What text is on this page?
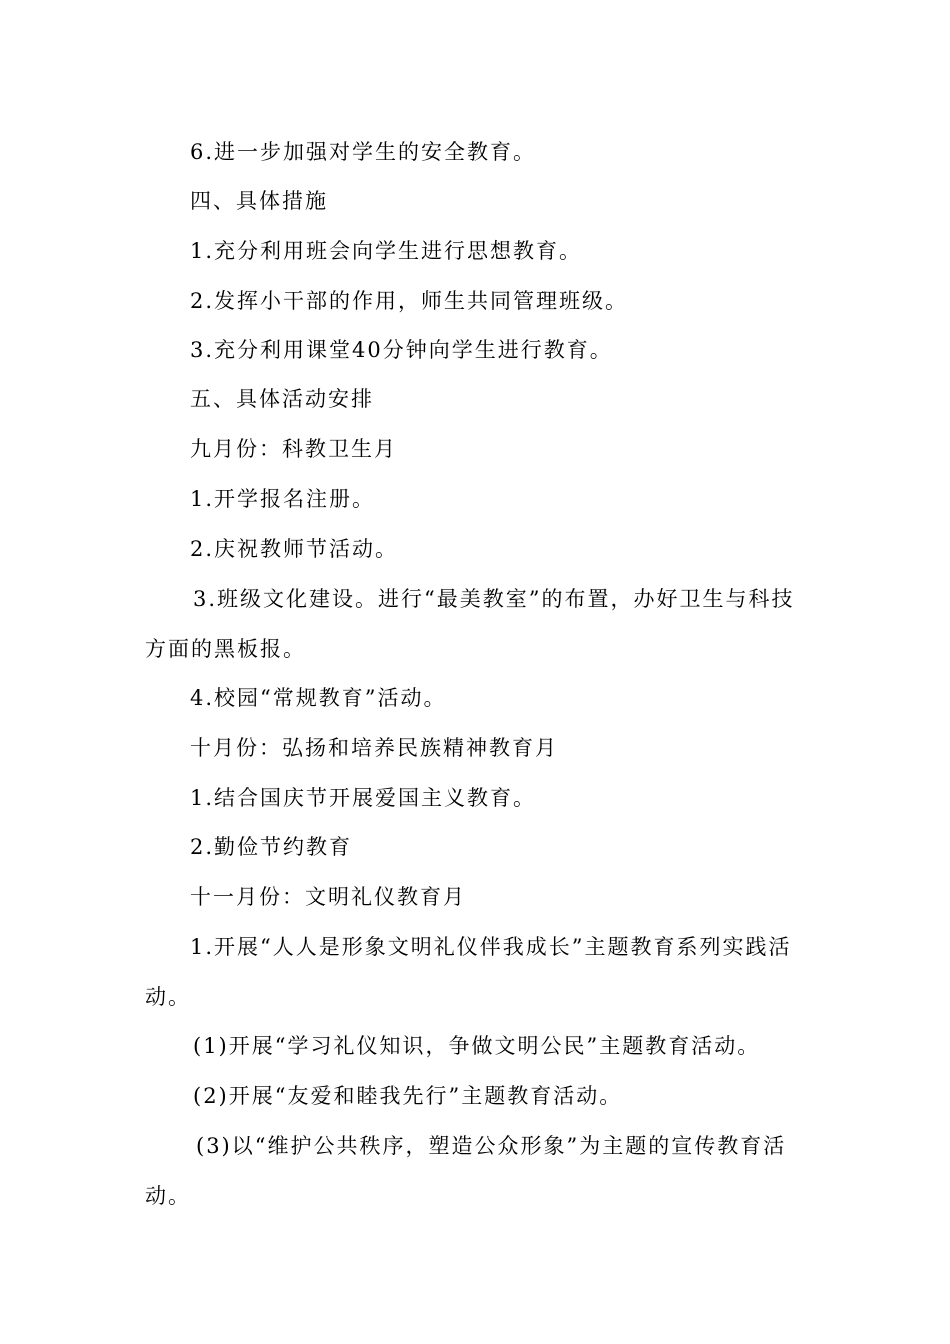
6.进一步加强对学生的安全教育。
四、具体措施
1.充分利用班会向学生进行思想教育。
2.发挥小干部的作用，师生共同管理班级。
3.充分利用课堂40分钟向学生进行教育。
五、具体活动安排
九月份：科教卫生月
1.开学报名注册。
2.庆祝教师节活动。
3.班级文化建设。进行“最美教室”的布置，办好卫生与科技
方面的黑板报。
4.校园“常规教育”活动。
十月份：弘扬和培养民族精神教育月
1.结合国庆节开展爱国主义教育。
2.勤俭节约教育
十一月份：文明礼仪教育月
1.开展“人人是形象文明礼仪伴我成长”主题教育系列实践活
动。
(1)开展“学习礼仪知识，争做文明公民”主题教育活动。
(2)开展“友爱和睦我先行”主题教育活动。
(3)以“维护公共秩序，塑造公众形象”为主题的宣传教育活
动。
